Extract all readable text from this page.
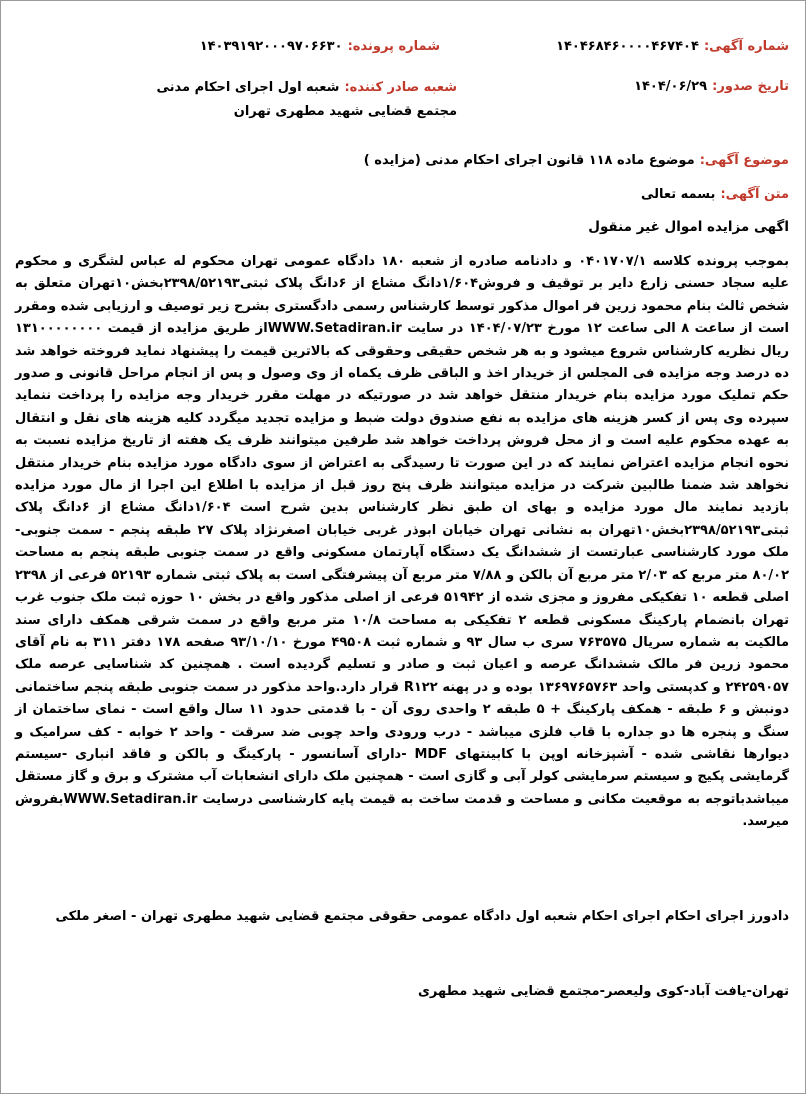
شماره آگهی: ۱۴۰۴۶۸۴۶۰۰۰۰۴۶۷۴۰۴
شماره پرونده: ۱۴۰۳۹۱۹۲۰۰۰۹۷۰۶۶۳۰
تاریخ صدور: ۱۴۰۴/۰۶/۲۹
شعبه صادر کننده: شعبه اول اجرای احکام مدنی مجتمع قضایی شهید مطهری تهران
موضوع آگهی: موضوع ماده ۱۱۸ قانون اجرای احکام مدنی (مزایده )
متن آگهی: بسمه تعالی
اگهی مزایده اموال غیر منقول

بموجب پرونده کلاسه ۰۴۰۱۷۰۷/۱ و دادنامه صادره از شعبه ۱۸۰ دادگاه عمومی تهران محکوم له عباس لشگری و محکوم علیه سجاد حسنی زارع دایر بر توقیف و فروش۱/۶۰۴دانگ مشاع از ۶دانگ پلاک ثبتی۲۳۹۸/۵۲۱۹۳بخش۱۰تهران متعلق به شخص ثالث بنام محمود زرین فر اموال مذکور توسط کارشناس رسمی دادگستری بشرح زیر توصیف و ارزیابی شده ومقرر است از ساعت ۸ الی ساعت ۱۲ مورخ ۱۴۰۴/۰۷/۲۳ در سایت WWW.Setadiran.irاز طریق مزایده از قیمت ۱۳۱۰۰۰۰۰۰۰۰ ریال نظریه کارشناس شروع میشود و به هر شخص حقیقی وحقوقی که بالاترین قیمت را پیشنهاد نماید فروخته خواهد شد ده درصد وجه مزایده فی المجلس از خریدار اخذ و الباقی ظرف یکماه از وی وصول و پس از انجام مراحل قانونی و صدور حکم تملیک مورد مزایده بنام خریدار منتقل خواهد شد در صورتیکه در مهلت مقرر خریدار وجه مزایده را پرداخت ننماید سپرده وی پس از کسر هزینه های مزایده به نفع صندوق دولت ضبط و مزایده تجدید میگردد کلیه هزینه های نقل و انتقال به عهده محکوم علیه است و از محل فروش پرداخت خواهد شد طرفین میتوانند ظرف یک هفته از تاریخ مزایده نسبت به نحوه انجام مزایده اعتراض نمایند که در این صورت تا رسیدگی به اعتراض از سوی دادگاه مورد مزایده بنام خریدار منتقل نخواهد شد ضمنا طالبین شرکت در مزایده میتوانند ظرف پنج روز قبل از مزایده با اطلاع این اجرا از مال مورد مزایده بازدید نمایند مال مورد مزایده و بهای ان طبق نظر کارشناس بدین شرح است ۱/۶۰۴دانگ مشاع از ۶دانگ پلاک ثبتی۲۳۹۸/۵۲۱۹۳بخش۱۰تهران به نشانی تهران خیابان ابوذر غربی خیابان اصغرنژاد پلاک ۲۷ طبقه پنجم - سمت جنوبی-ملک مورد کارشناسی عبارتست از ششدانگ یک دستگاه آپارتمان مسکونی واقع در سمت جنوبی طبقه پنجم به مساحت ۸۰/۰۲ متر مربع که ۲/۰۳ متر مربع آن بالکن و ۷/۸۸ متر مربع آن پیشرفتگی است به پلاک ثبتی شماره ۵۲۱۹۳ فرعی از ۲۳۹۸ اصلی قطعه ۱۰ تفکیکی مفروز و مجزی شده از ۵۱۹۴۲ فرعی از اصلی مذکور واقع در بخش ۱۰ حوزه ثبت ملک جنوب غرب تهران بانضمام پارکینگ مسکونی قطعه ۲ تفکیکی به مساحت ۱۰/۸ متر مربع واقع در سمت شرقی همکف دارای سند مالکیت به شماره سریال ۷۶۳۵۷۵ سری ب سال ۹۳ و شماره ثبت ۴۹۵۰۸ مورخ ۹۳/۱۰/۱۰ صفحه ۱۷۸ دفتر ۳۱۱ به نام آقای محمود زرین فر مالک ششدانگ عرصه و اعیان ثبت و صادر و تسلیم گردیده است . همچنین کد شناسایی عرصه ملک ۲۴۲۵۹۰۵۷ و کدپستی واحد ۱۳۶۹۷۶۵۷۶۳ بوده و در پهنه R۱۲۲ قرار دارد.واحد مذکور در سمت جنوبی طبقه پنجم ساختمانی دونبش و ۶ طبقه - همکف پارکینگ + ۵ طبقه ۲ واحدی روی آن - با قدمتی حدود ۱۱ سال واقع است - نمای ساختمان از سنگ و پنجره ها دو جداره با قاب فلزی میباشد - درب ورودی واحد چوبی ضد سرقت - واحد ۲ خوابه - کف سرامیک و دیوارها نقاشی شده - آشپزخانه اوپن با کابینتهای MDF -دارای آسانسور - پارکینگ و بالکن و فاقد انباری -سیستم گرمایشی پکیج و سیستم سرمایشی کولر آبی و گازی است - همچنین ملک دارای انشعابات آب مشترک و برق و گاز مستقل میباشدباتوجه به موقعیت مکانی و مساحت و قدمت ساخت به قیمت پایه کارشناسی درسایت WWW.Setadiran.irبفروش میرسد.

دادورز اجرای احکام اجرای احکام شعبه اول دادگاه عمومی حقوقی مجتمع قضایی شهید مطهری تهران - اصغر ملکی
تهران-یافت آباد-کوی ولیعصر-مجتمع قضایی شهید مطهری
